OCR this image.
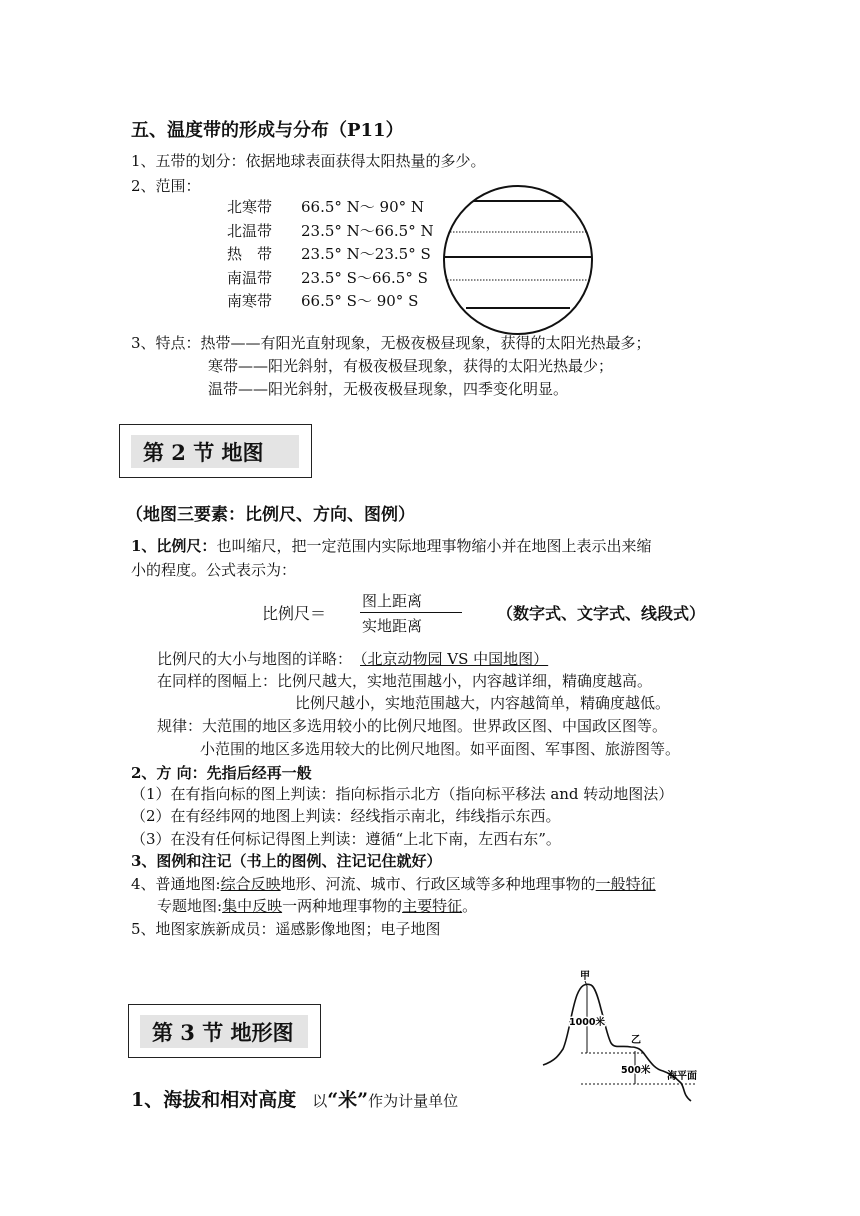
五、温度带的形成与分布（P11）
1、五带的划分：依据地球表面获得太阳热量的多少。
2、范围：
北寒带 66.5° N～ 90° N
北温带 23.5° N～66.5° N
热　带 23.5° N～23.5° S
南温带 23.5° S～66.5° S
南寒带 66.5° S～ 90° S
3、特点：热带——有阳光直射现象，无极夜极昼现象，获得的太阳光热最多；
寒带——阳光斜射，有极夜极昼现象，获得的太阳光热最少；
温带——阳光斜射，无极夜极昼现象，四季变化明显。
第 2 节 地图
（地图三要素：比例尺、方向、图例）
1、比例尺：也叫缩尺，把一定范围内实际地理事物缩小并在地图上表示出来缩
小的程度。公式表示为：
比例尺＝
图上距离
实地距离
（数字式、文字式、线段式）
比例尺的大小与地图的详略： （北京动物园 VS 中国地图）
在同样的图幅上：比例尺越大，实地范围越小，内容越详细，精确度越高。
比例尺越小，实地范围越大，内容越简单，精确度越低。
规律：大范围的地区多选用较小的比例尺地图。世界政区图、中国政区图等。
小范围的地区多选用较大的比例尺地图。如平面图、军事图、旅游图等。
2、方 向：先指后经再一般
（1）在有指向标的图上判读：指向标指示北方（指向标平移法 and 转动地图法）
（2）在有经纬网的地图上判读：经线指示南北，纬线指示东西。
（3）在没有任何标记得图上判读：遵循“上北下南，左西右东”。
3、图例和注记（书上的图例、注记记住就好）
4、普通地图:综合反映地形、河流、城市、行政区域等多种地理事物的一般特征
专题地图:集中反映一两种地理事物的主要特征。
5、地图家族新成员：遥感影像地图；电子地图
第 3 节 地形图
1、海拔和相对高度 以“米”作为计量单位
甲
1000米
乙
500米
海平面
